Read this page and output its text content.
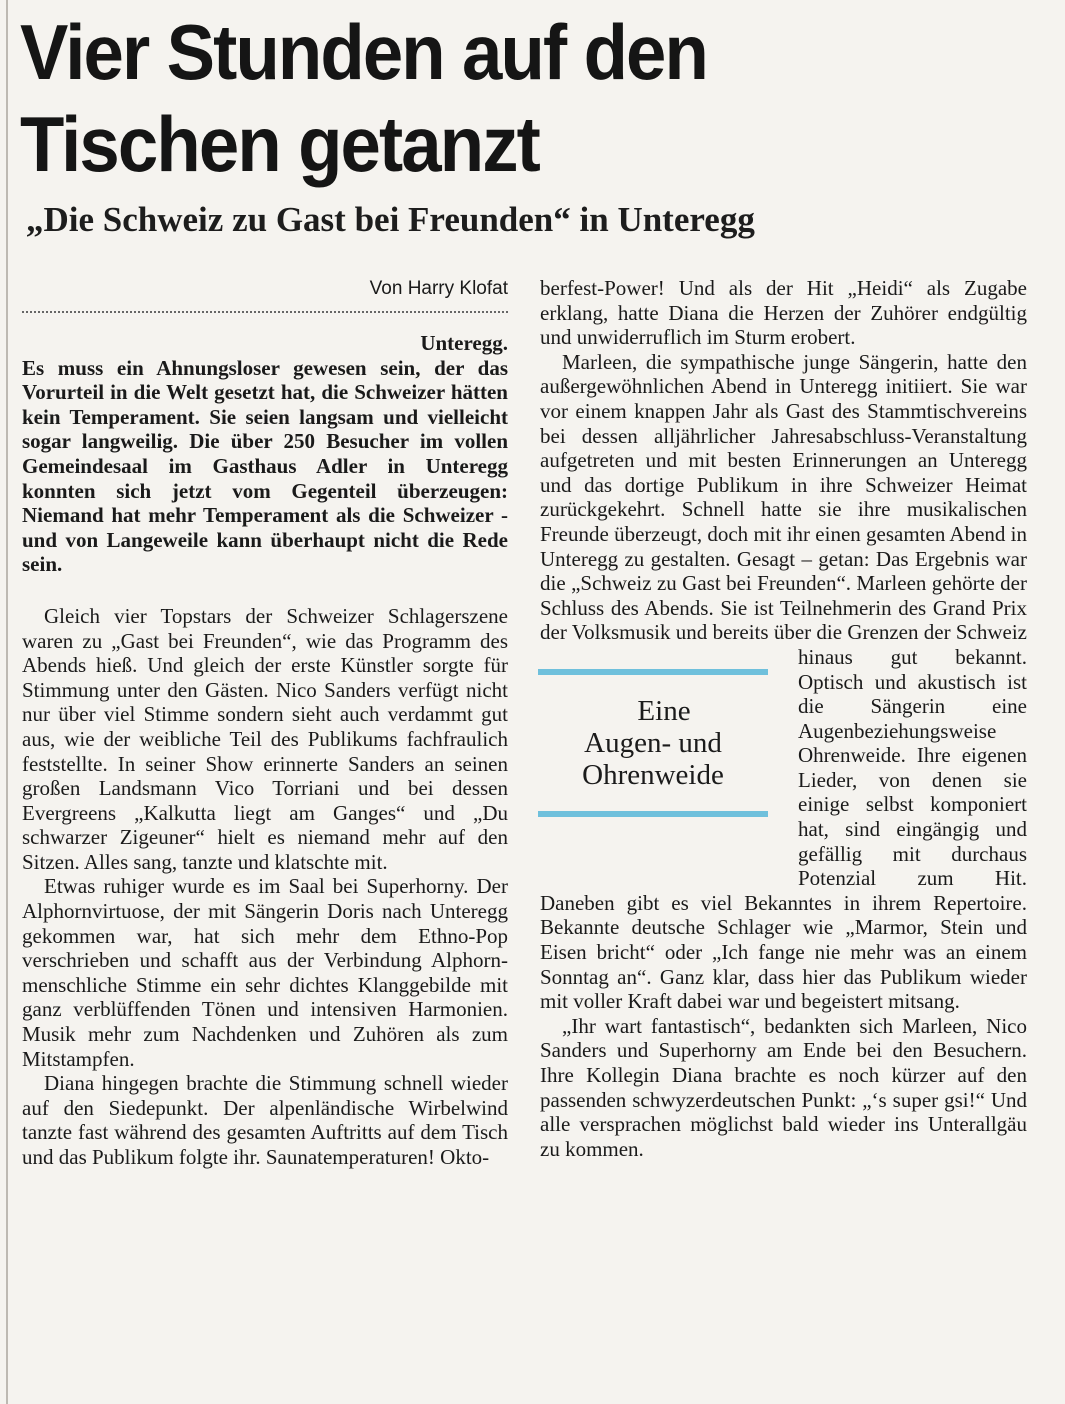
Vier Stunden auf den
Tischen getanzt
„Die Schweiz zu Gast bei Freunden“ in Unteregg
Von Harry Klofat

Unteregg.

Es muss ein Ahnungsloser gewesen sein, der das Vorurteil in die Welt gesetzt hat, die Schweizer hätten kein Temperament. Sie seien langsam und vielleicht sogar langweilig. Die über 250 Besucher im vollen Gemeindesaal im Gasthaus Adler in Unteregg konnten sich jetzt vom Gegenteil überzeugen: Niemand hat mehr Temperament als die Schweizer - und von Langeweile kann überhaupt nicht die Rede sein.

Gleich vier Topstars der Schweizer Schlagerszene waren zu „Gast bei Freunden“, wie das Programm des Abends hieß. Und gleich der erste Künstler sorgte für Stimmung unter den Gästen. Nico Sanders verfügt nicht nur über viel Stimme sondern sieht auch verdammt gut aus, wie der weibliche Teil des Publikums fachfraulich feststellte. In seiner Show erinnerte Sanders an seinen großen Landsmann Vico Torriani und bei dessen Evergreens „Kalkutta liegt am Ganges“ und „Du schwarzer Zigeuner“ hielt es niemand mehr auf den Sitzen. Alles sang, tanzte und klatschte mit.

Etwas ruhiger wurde es im Saal bei Superhorny. Der Alphornvirtuose, der mit Sängerin Doris nach Unteregg gekommen war, hat sich mehr dem Ethno-Pop verschrieben und schafft aus der Verbindung Alphorn-menschliche Stimme ein sehr dichtes Klanggebilde mit ganz verblüffenden Tönen und intensiven Harmonien. Musik mehr zum Nachdenken und Zuhören als zum Mitstampfen.

Diana hingegen brachte die Stimmung schnell wieder auf den Siedepunkt. Der alpenländische Wirbelwind tanzte fast während des gesamten Auftritts auf dem Tisch und das Publikum folgte ihr. Saunatemperaturen! Okto-

berfest-Power! Und als der Hit „Heidi“ als Zugabe erklang, hatte Diana die Herzen der Zuhörer endgültig und unwiderruflich im Sturm erobert.

Marleen, die sympathische junge Sängerin, hatte den außergewöhnlichen Abend in Unteregg initiiert. Sie war vor einem knappen Jahr als Gast des Stammtischvereins bei dessen alljährlicher Jahresabschluss-Veranstaltung aufgetreten und mit besten Erinnerungen an Unteregg und das dortige Publikum in ihre Schweizer Heimat zurückgekehrt. Schnell hatte sie ihre musikalischen Freunde überzeugt, doch mit ihr einen gesamten Abend in Unteregg zu gestalten. Gesagt – getan: Das Ergebnis war die „Schweiz zu Gast bei Freunden“. Marleen gehörte der Schluss des Abends. Sie ist Teilnehmerin des Grand Prix der Volksmusik und bereits über die Grenzen
Eine
Augen- und
Ohrenweide
der Schweiz hinaus gut bekannt. Optisch und akustisch ist die Sängerin eine Augenbeziehungsweise Ohrenweide. Ihre eigenen Lieder, von denen sie einige selbst komponiert hat, sind eingängig und gefällig mit durchaus Potenzial zum Hit. Daneben gibt es viel Bekanntes in ihrem Repertoire. Bekannte deutsche Schlager wie „Marmor, Stein und Eisen bricht“ oder „Ich fange nie mehr was an einem Sonntag an“. Ganz klar, dass hier das Publikum wieder mit voller Kraft dabei war und begeistert mitsang.

„Ihr wart fantastisch“, bedankten sich Marleen, Nico Sanders und Superhorny am Ende bei den Besuchern. Ihre Kollegin Diana brachte es noch kürzer auf den passenden schwyzerdeutschen Punkt: „‘s super gsi!“ Und alle versprachen möglichst bald wieder ins Unterallgäu zu kommen.
